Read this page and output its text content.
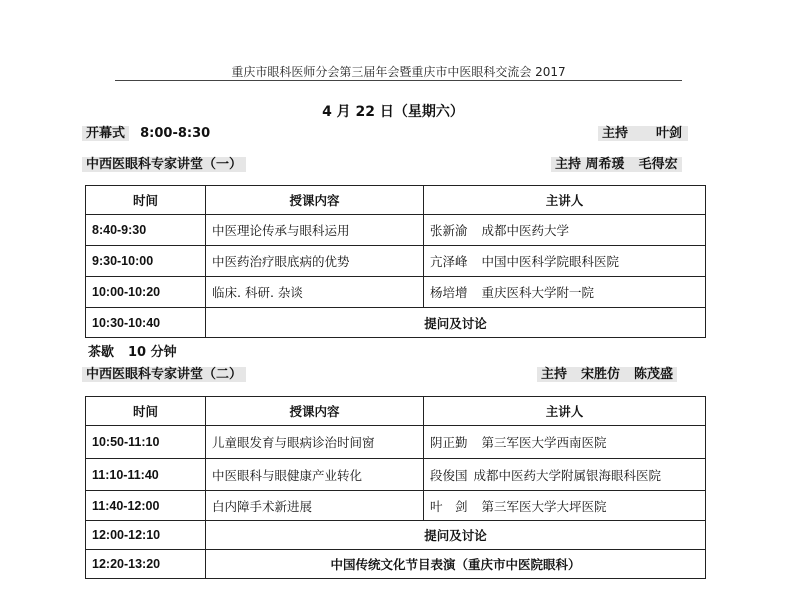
重庆市眼科医师分会第三届年会暨重庆市中医眼科交流会 2017
4 月 22 日（星期六）
开幕式 8:00-8:30	主持 叶剑
中西医眼科专家讲堂（一）	主持 周希瑗 毛得宏
时间	授课内容	主讲人
8:40-9:30	中医理论传承与眼科运用	张新渝 成都中医药大学
9:30-10:00	中医药治疗眼底病的优势	亢泽峰 中国中医科学院眼科医院
10:00-10:20	临床. 科研. 杂谈	杨培增 重庆医科大学附一院
10:30-10:40	提问及讨论	
茶歇 10 分钟
中西医眼科专家讲堂（二）	主持 宋胜仿 陈茂盛
时间	授课内容	主讲人
10:50-11:10	儿童眼发育与眼病诊治时间窗	阴正勤 第三军医大学西南医院
11:10-11:40	中医眼科与眼健康产业转化	段俊国 成都中医药大学附属银海眼科医院
11:40-12:00	白内障手术新进展	叶　剑 第三军医大学大坪医院
12:00-12:10	提问及讨论	
12:20-13:20	中国传统文化节目表演（重庆市中医院眼科）	
